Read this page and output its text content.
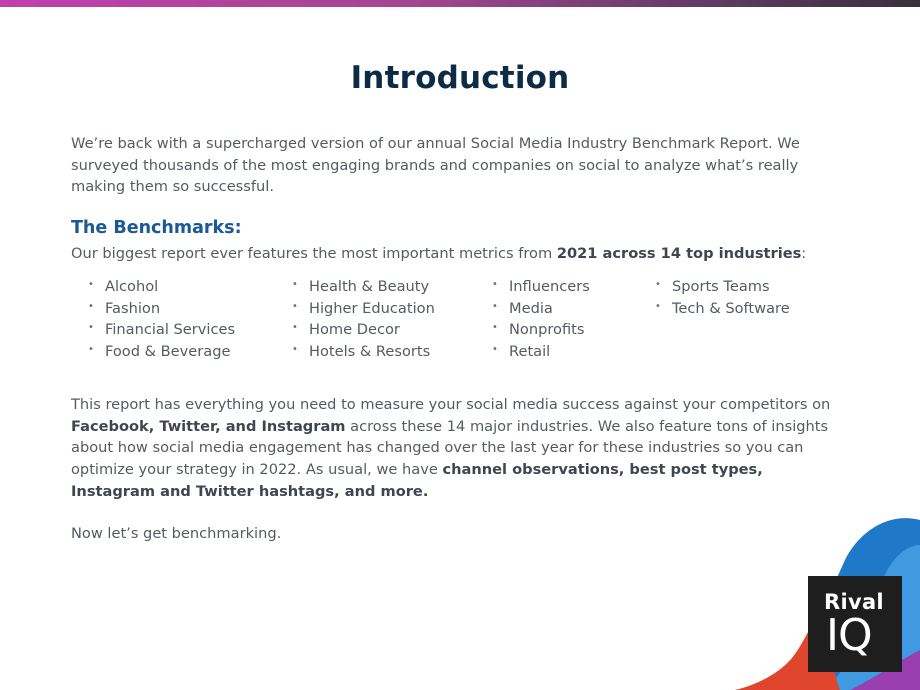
Introduction

We’re back with a supercharged version of our annual Social Media Industry Benchmark Report. We surveyed thousands of the most engaging brands and companies on social to analyze what’s really making them so successful.

The Benchmarks:

Our biggest report ever features the most important metrics from 2021 across 14 top industries:

• Alcohol
• Fashion
• Financial Services
• Food & Beverage
• Health & Beauty
• Higher Education
• Home Decor
• Hotels & Resorts
• Influencers
• Media
• Nonprofits
• Retail
• Sports Teams
• Tech & Software

This report has everything you need to measure your social media success against your competitors on Facebook, Twitter, and Instagram across these 14 major industries. We also feature tons of insights about how social media engagement has changed over the last year for these industries so you can optimize your strategy in 2022. As usual, we have channel observations, best post types, Instagram and Twitter hashtags, and more.

Now let’s get benchmarking.

Rival
IQ
